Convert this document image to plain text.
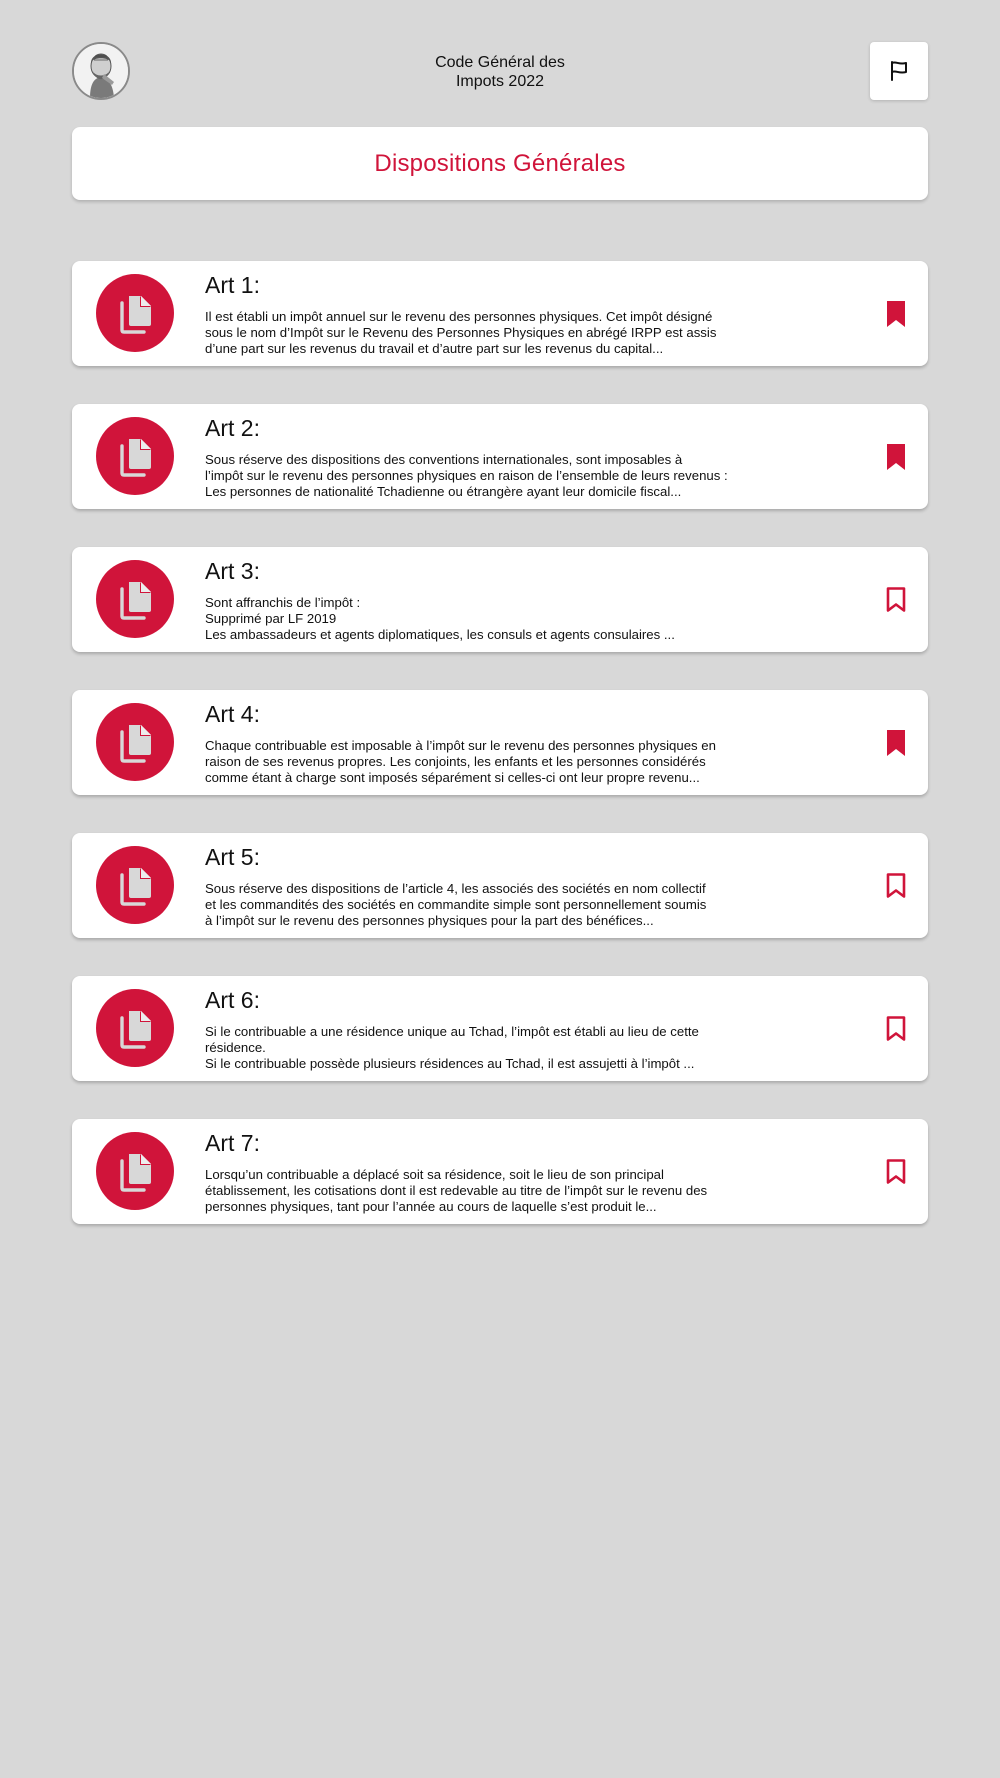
Code Général des
Impots 2022
Dispositions Générales
Art 1:

Il est établi un impôt annuel sur le revenu des personnes physiques. Cet impôt désigné
sous le nom d’Impôt sur le Revenu des Personnes Physiques en abrégé IRPP est assis
d’une part sur les revenus du travail et d’autre part sur les revenus du capital...

Art 2:

Sous réserve des dispositions des conventions internationales, sont imposables à
l’impôt sur le revenu des personnes physiques en raison de l’ensemble de leurs revenus :
Les personnes de nationalité Tchadienne ou étrangère ayant leur domicile fiscal...

Art 3:

Sont affranchis de l’impôt :
Supprimé par LF 2019
Les ambassadeurs et agents diplomatiques, les consuls et agents consulaires ...

Art 4:

Chaque contribuable est imposable à l’impôt sur le revenu des personnes physiques en
raison de ses revenus propres. Les conjoints, les enfants et les personnes considérés
comme étant à charge sont imposés séparément si celles-ci ont leur propre revenu...

Art 5:

Sous réserve des dispositions de l’article 4, les associés des sociétés en nom collectif
et les commandités des sociétés en commandite simple sont personnellement soumis
à l’impôt sur le revenu des personnes physiques pour la part des bénéfices...

Art 6:

Si le contribuable a une résidence unique au Tchad, l’impôt est établi au lieu de cette
résidence.
Si le contribuable possède plusieurs résidences au Tchad, il est assujetti à l’impôt ...

Art 7:

Lorsqu’un contribuable a déplacé soit sa résidence, soit le lieu de son principal
établissement, les cotisations dont il est redevable au titre de l’impôt sur le revenu des
personnes physiques, tant pour l’année au cours de laquelle s’est produit le...
